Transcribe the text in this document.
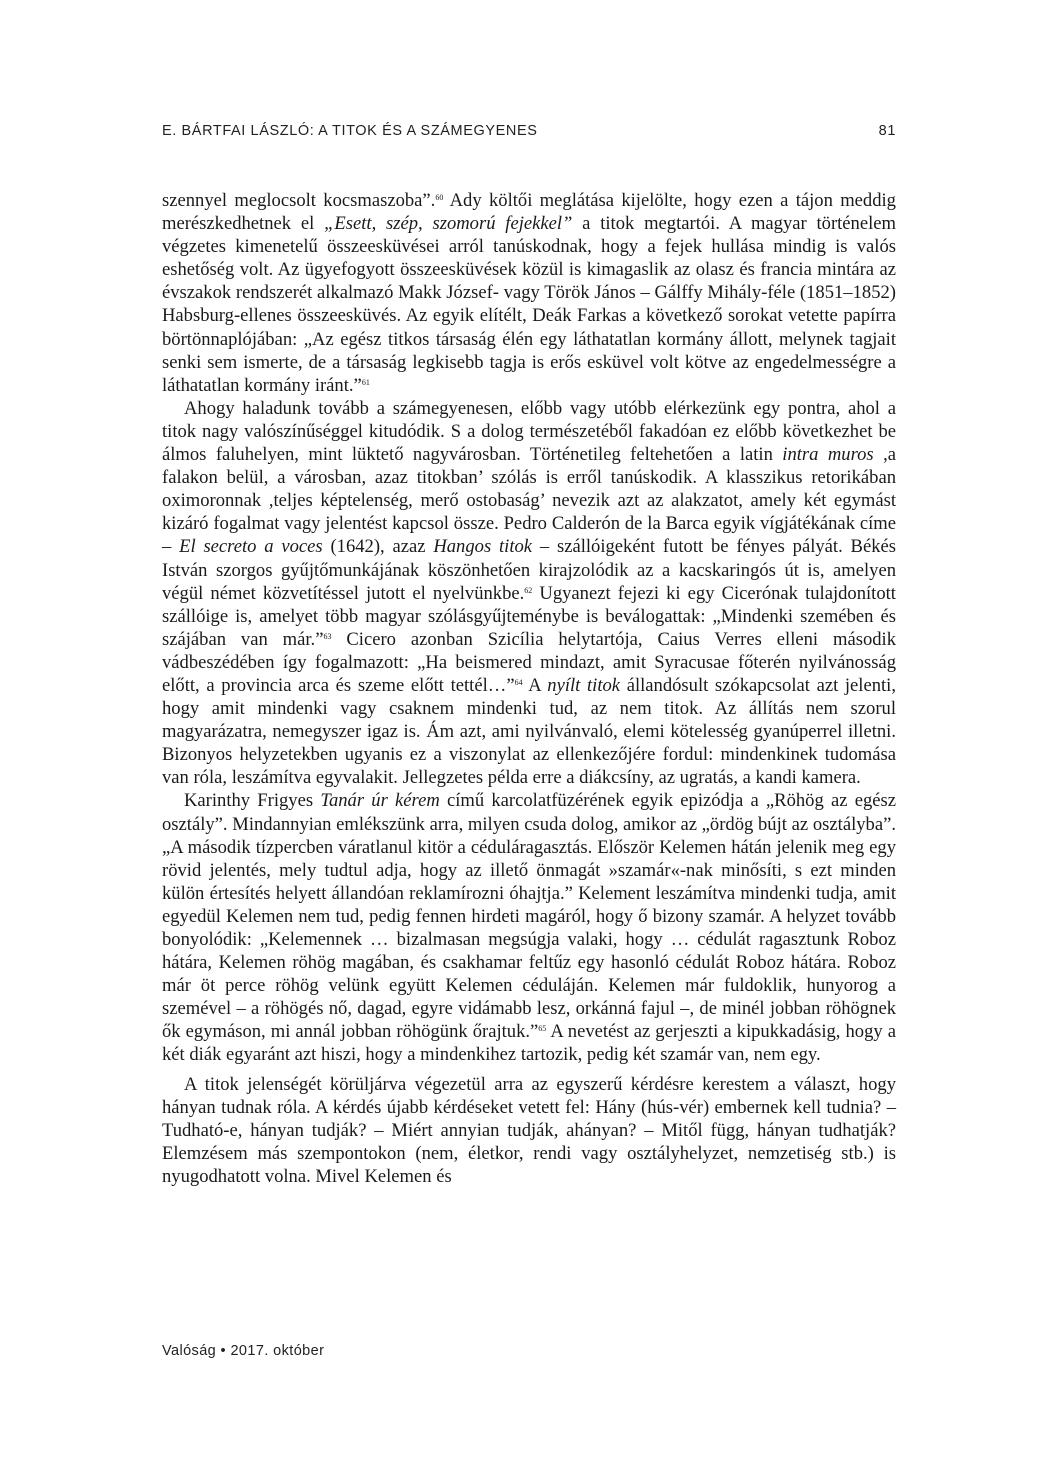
E. BÁRTFAI LÁSZLÓ: A TITOK ÉS A SZÁMEGYENES	81

szennyel meglocsolt kocsmaszoba”.$^{60}$ Ady költői meglátása kijelölte, hogy ezen a tájon meddig merészkedhetnek el „Esett, szép, szomorú fejekkel” a titok megtartói. A magyar történelem végzetes kimenetelű összeesküvései arról tanúskodnak, hogy a fejek hullása mindig is valós eshetőség volt. Az ügyefogyott összeesküvések közül is kimagaslik az olasz és francia mintára az évszakok rendszerét alkalmazó Makk József- vagy Török János – Gálffy Mihály-féle (1851–1852) Habsburg-ellenes összeesküvés. Az egyik elítélt, Deák Farkas a következő sorokat vetette papírra börtönnaplójában: „Az egész titkos társaság élén egy láthatatlan kormány állott, melynek tagjait senki sem ismerte, de a társaság legkisebb tagja is erős esküvel volt kötve az engedelmességre a láthatatlan kormány iránt.”$^{61}$

Ahogy haladunk tovább a számegyenesen, előbb vagy utóbb elérkezünk egy pontra, ahol a titok nagy valószínűséggel kitudódik. S a dolog természetéből fakadóan ez előbb következhet be álmos faluhelyen, mint lüktető nagyvárosban. Történetileg feltehetően a latin intra muros ,a falakon belül, a városban, azaz titokban’ szólás is erről tanúskodik. A klasszikus retorikában oximoronnak ,teljes képtelenség, merő ostobaság’ nevezik azt az alakzatot, amely két egymást kizáró fogalmat vagy jelentést kapcsol össze. Pedro Calderón de la Barca egyik vígjátékának címe – El secreto a voces (1642), azaz Hangos titok – szállóigeként futott be fényes pályát. Békés István szorgos gyűjtőmunkájának köszönhetően kirajzolódik az a kacskaringós út is, amelyen végül német közvetítéssel jutott el nyelvünkbe.$^{62}$ Ugyanezt fejezi ki egy Cicerónak tulajdonított szállóige is, amelyet több magyar szólásgyűjteménybe is beválogattak: „Mindenki szemében és szájában van már.”$^{63}$ Cicero azonban Szicília helytartója, Caius Verres elleni második vádbeszédében így fogalmazott: „Ha beismered mindazt, amit Syracusae főterén nyilvánosság előtt, a provincia arca és szeme előtt tettél…”$^{64}$ A nyílt titok állandósult szókapcsolat azt jelenti, hogy amit mindenki vagy csaknem mindenki tud, az nem titok. Az állítás nem szorul magyarázatra, nemegyszer igaz is. Ám azt, ami nyilvánvaló, elemi kötelesség gyanúperrel illetni. Bizonyos helyzetekben ugyanis ez a viszonylat az ellenkezőjére fordul: mindenkinek tudomása van róla, leszámítva egyvalakit. Jellegzetes példa erre a diákcsíny, az ugratás, a kandi kamera.

Karinthy Frigyes Tanár úr kérem című karcolatfüzérének egyik epizódja a „Röhög az egész osztály”. Mindannyian emlékszünk arra, milyen csuda dolog, amikor az „ördög bújt az osztályba”. „A második tízpercben váratlanul kitör a céduláragasztás. Először Kelemen hátán jelenik meg egy rövid jelentés, mely tudtul adja, hogy az illető önmagát »szamár«-nak minősíti, s ezt minden külön értesítés helyett állandóan reklamírozni óhajtja.” Kelement leszámítva mindenki tudja, amit egyedül Kelemen nem tud, pedig fennen hirdeti magáról, hogy ő bizony szamár. A helyzet tovább bonyolódik: „Kelemennek … bizalmasan megsúgja valaki, hogy … cédulát ragasztunk Roboz hátára, Kelemen röhög magában, és csakhamar feltűz egy hasonló cédulát Roboz hátára. Roboz már öt perce röhög velünk együtt Kelemen céduláján. Kelemen már fuldoklik, hunyorog a szemével – a röhögés nő, dagad, egyre vidámabb lesz, orkánná fajul –, de minél jobban röhögnek ők egymáson, mi annál jobban röhögünk őrajtuk.”$^{65}$ A nevetést az gerjeszti a kipukkadásig, hogy a két diák egyaránt azt hiszi, hogy a mindenkihez tartozik, pedig két szamár van, nem egy.

A titok jelenségét körüljárva végezetül arra az egyszerű kérdésre kerestem a választ, hogy hányan tudnak róla. A kérdés újabb kérdéseket vetett fel: Hány (hús-vér) embernek kell tudnia? – Tudható-e, hányan tudják? – Miért annyian tudják, ahányan? – Mitől függ, hányan tudhatják? Elemzésem más szempontokon (nem, életkor, rendi vagy osztályhelyzet, nemzetiség stb.) is nyugodhatott volna. Mivel Kelemen és

Valóság • 2017. október
